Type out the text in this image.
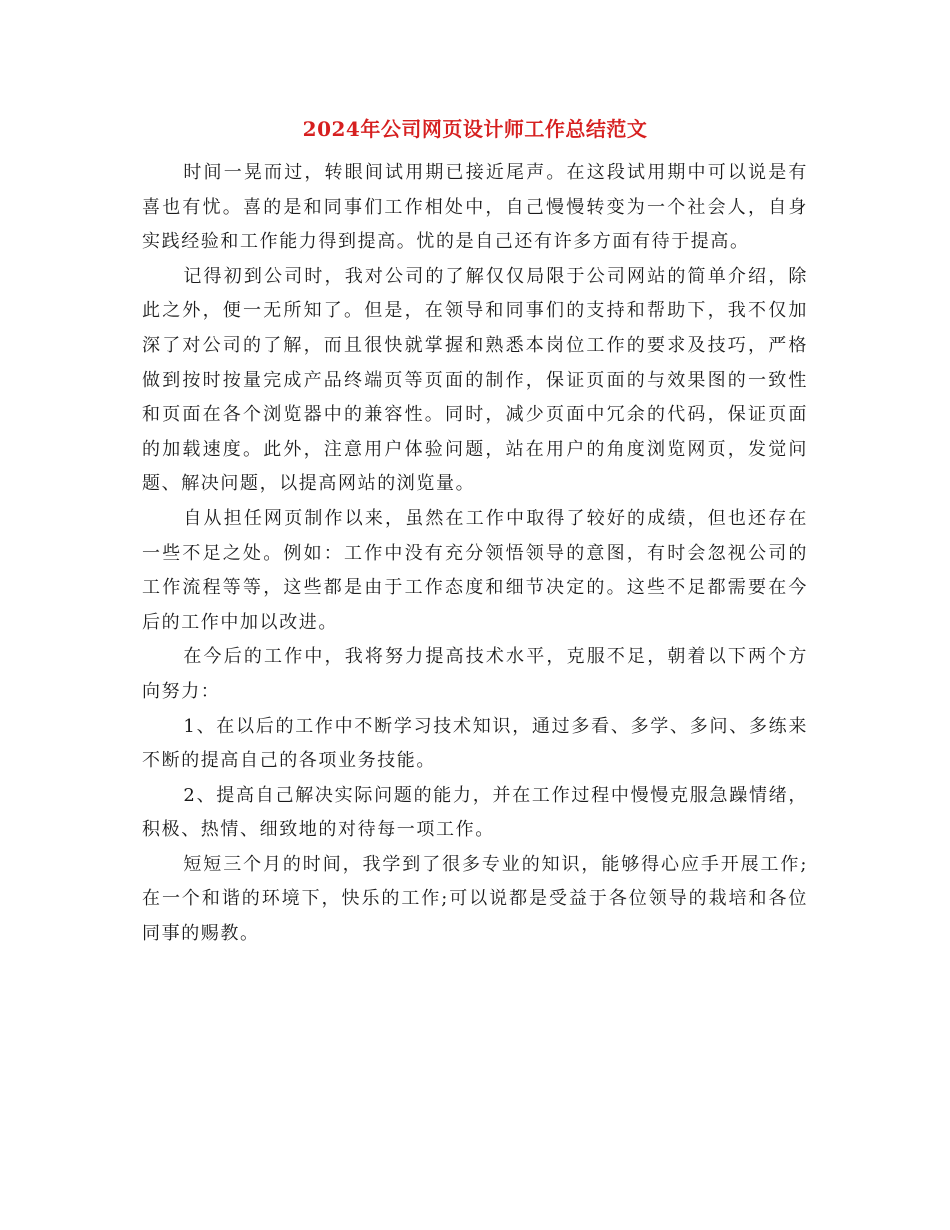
2024年公司网页设计师工作总结范文

时间一晃而过，转眼间试用期已接近尾声。在这段试用期中可以说是有喜也有忧。喜的是和同事们工作相处中，自己慢慢转变为一个社会人，自身实践经验和工作能力得到提高。忧的是自己还有许多方面有待于提高。

记得初到公司时，我对公司的了解仅仅局限于公司网站的简单介绍，除此之外，便一无所知了。但是，在领导和同事们的支持和帮助下，我不仅加深了对公司的了解，而且很快就掌握和熟悉本岗位工作的要求及技巧，严格做到按时按量完成产品终端页等页面的制作，保证页面的与效果图的一致性和页面在各个浏览器中的兼容性。同时，减少页面中冗余的代码，保证页面的加载速度。此外，注意用户体验问题，站在用户的角度浏览网页，发觉问题、解决问题，以提高网站的浏览量。

自从担任网页制作以来，虽然在工作中取得了较好的成绩，但也还存在一些不足之处。例如：工作中没有充分领悟领导的意图，有时会忽视公司的工作流程等等，这些都是由于工作态度和细节决定的。这些不足都需要在今后的工作中加以改进。

在今后的工作中，我将努力提高技术水平，克服不足，朝着以下两个方向努力：

1、在以后的工作中不断学习技术知识，通过多看、多学、多问、多练来不断的提高自己的各项业务技能。

2、提高自己解决实际问题的能力，并在工作过程中慢慢克服急躁情绪，积极、热情、细致地的对待每一项工作。

短短三个月的时间，我学到了很多专业的知识，能够得心应手开展工作;在一个和谐的环境下，快乐的工作;可以说都是受益于各位领导的栽培和各位同事的赐教。
